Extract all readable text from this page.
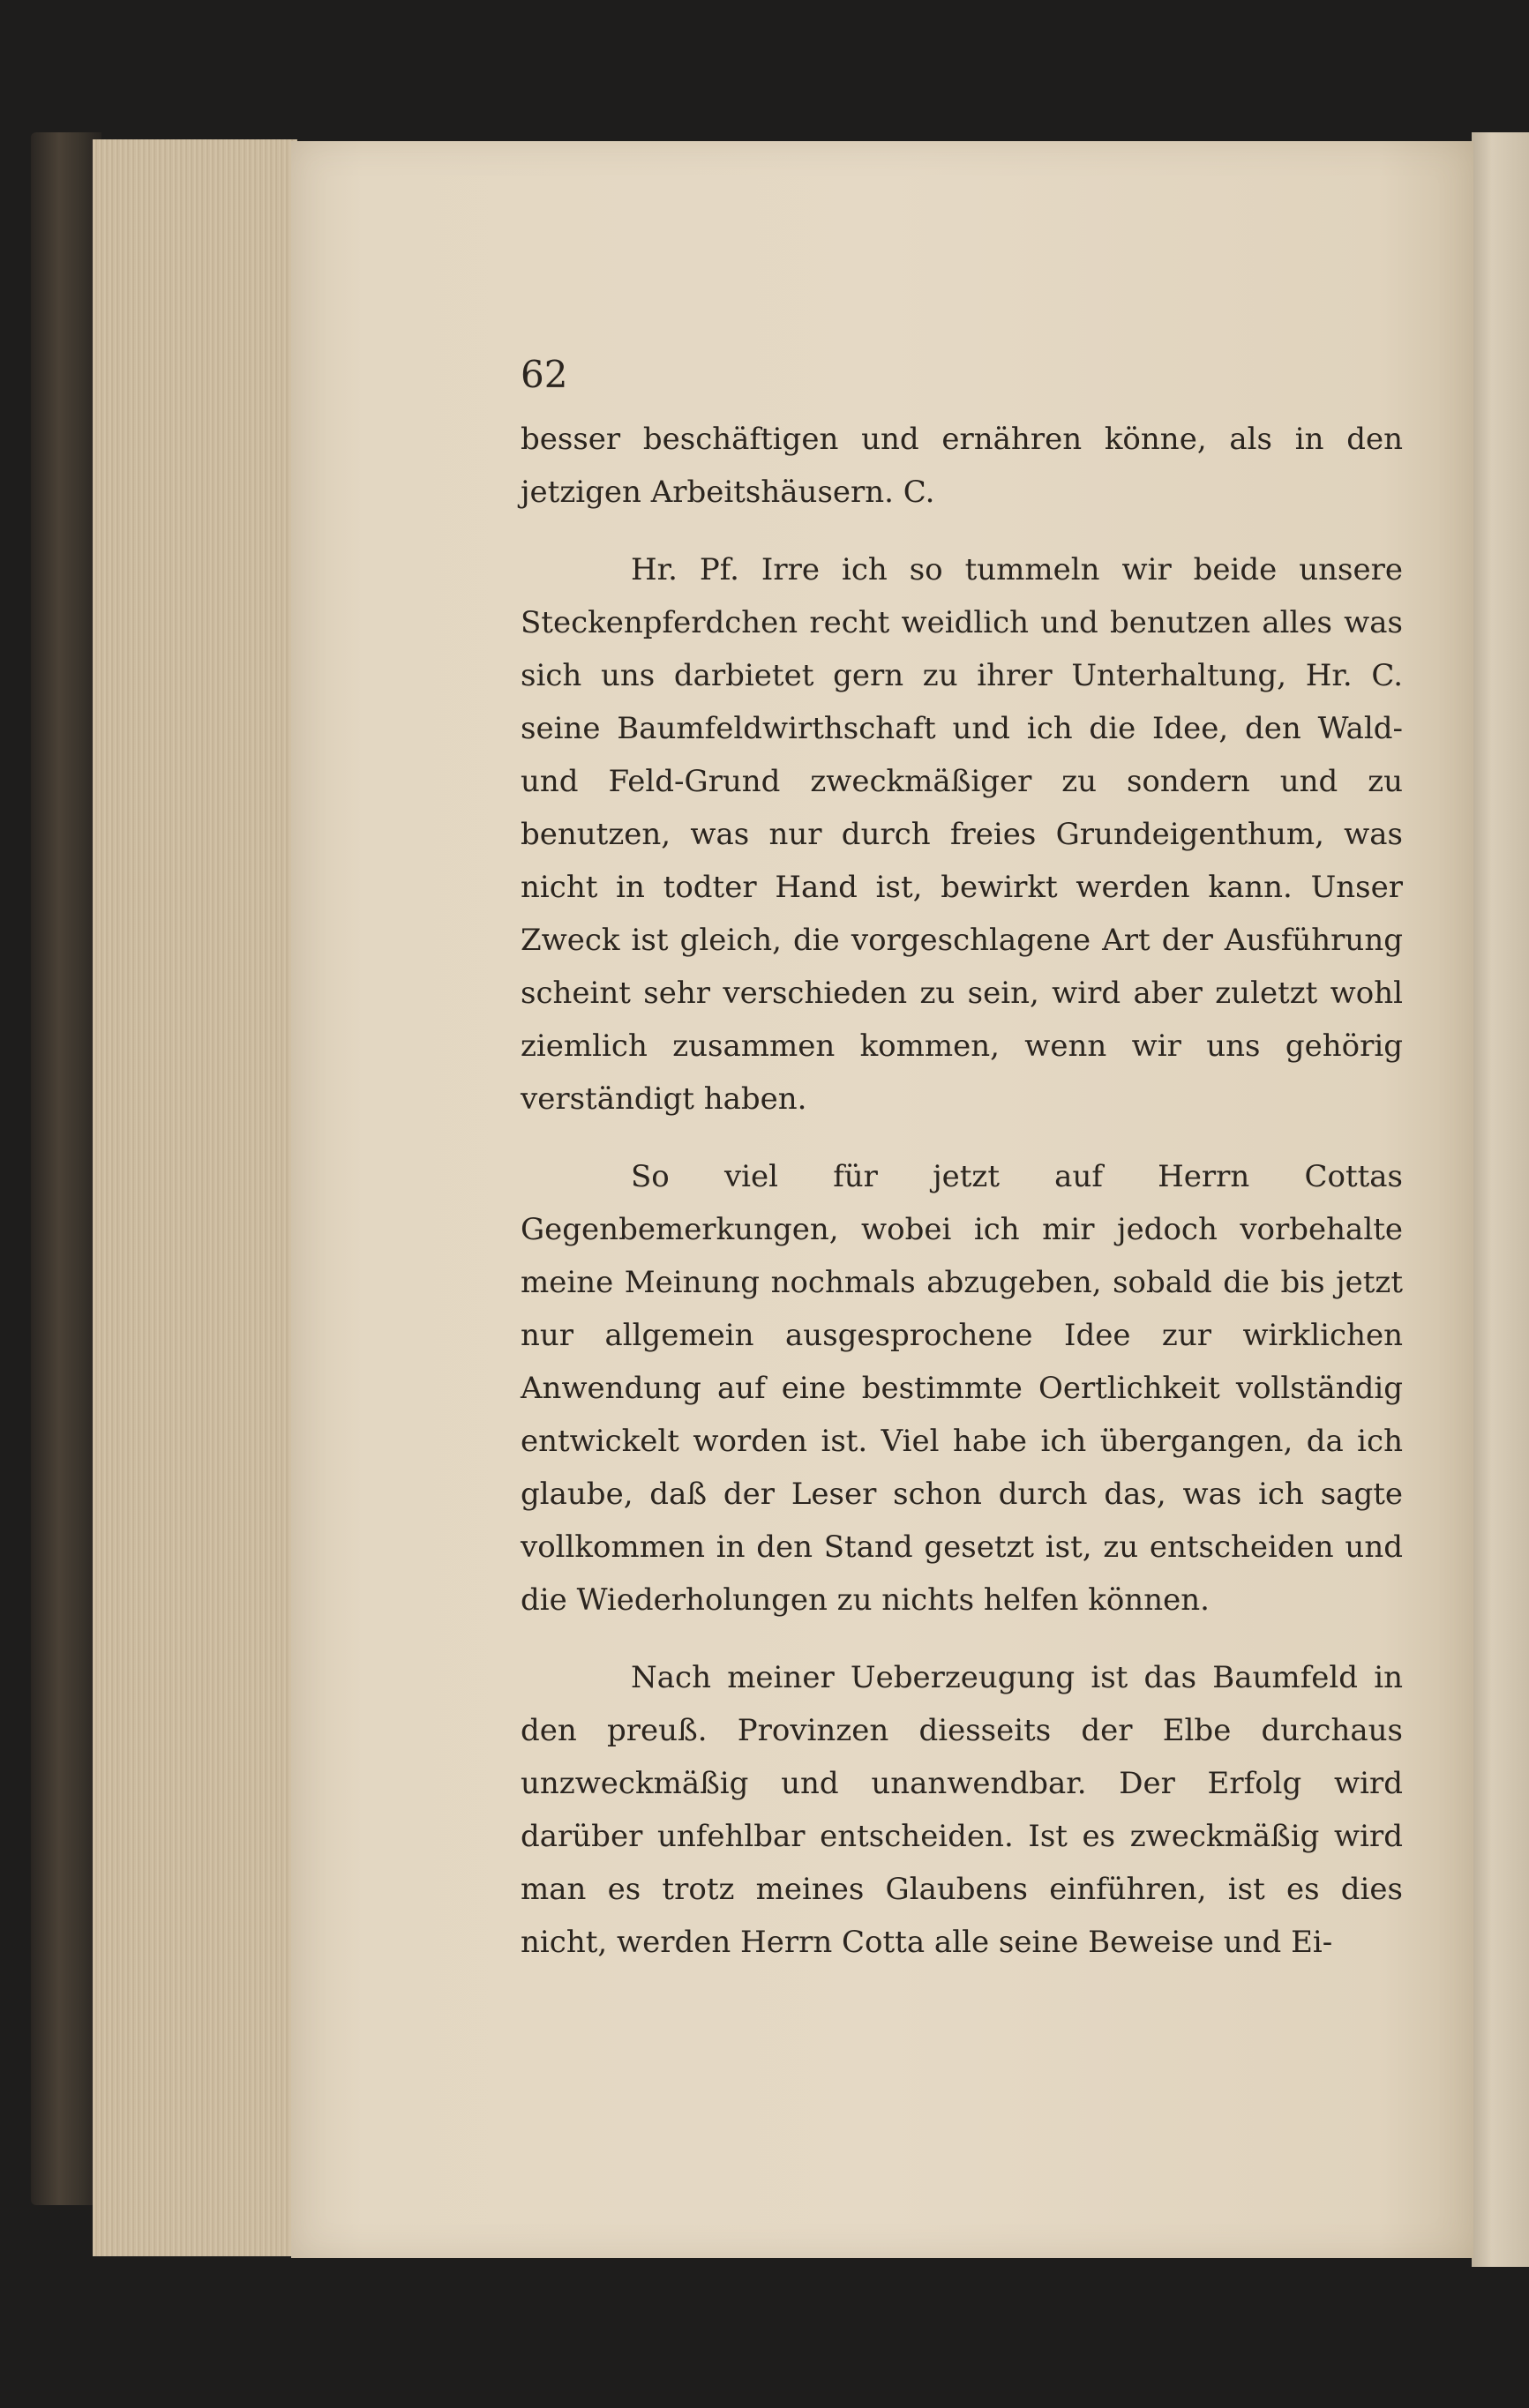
62

besser beschäftigen und ernähren könne, als in den jetzigen Arbeitshäusern. C.

Hr. Pf. Irre ich so tummeln wir beide unsere Steckenpferdchen recht weidlich und benutzen alles was sich uns darbietet gern zu ihrer Unterhaltung, Hr. C. seine Baumfeldwirthschaft und ich die Idee, den Wald- und Feld-Grund zweckmäßiger zu sondern und zu benutzen, was nur durch freies Grundeigenthum, was nicht in todter Hand ist, bewirkt werden kann. Unser Zweck ist gleich, die vorgeschlagene Art der Ausführung scheint sehr verschieden zu sein, wird aber zuletzt wohl ziemlich zusammen kommen, wenn wir uns gehörig verständigt haben.

So viel für jetzt auf Herrn Cottas Gegenbemerkungen, wobei ich mir jedoch vorbehalte meine Meinung nochmals abzugeben, sobald die bis jetzt nur allgemein ausgesprochene Idee zur wirklichen Anwendung auf eine bestimmte Oertlichkeit vollständig entwickelt worden ist. Viel habe ich übergangen, da ich glaube, daß der Leser schon durch das, was ich sagte vollkommen in den Stand gesetzt ist, zu entscheiden und die Wiederholungen zu nichts helfen können.

Nach meiner Ueberzeugung ist das Baumfeld in den preuß. Provinzen diesseits der Elbe durchaus unzweckmäßig und unanwendbar. Der Erfolg wird darüber unfehlbar entscheiden. Ist es zweckmäßig wird man es trotz meines Glaubens einführen, ist es dies nicht, werden Herrn Cotta alle seine Beweise und Ei-
